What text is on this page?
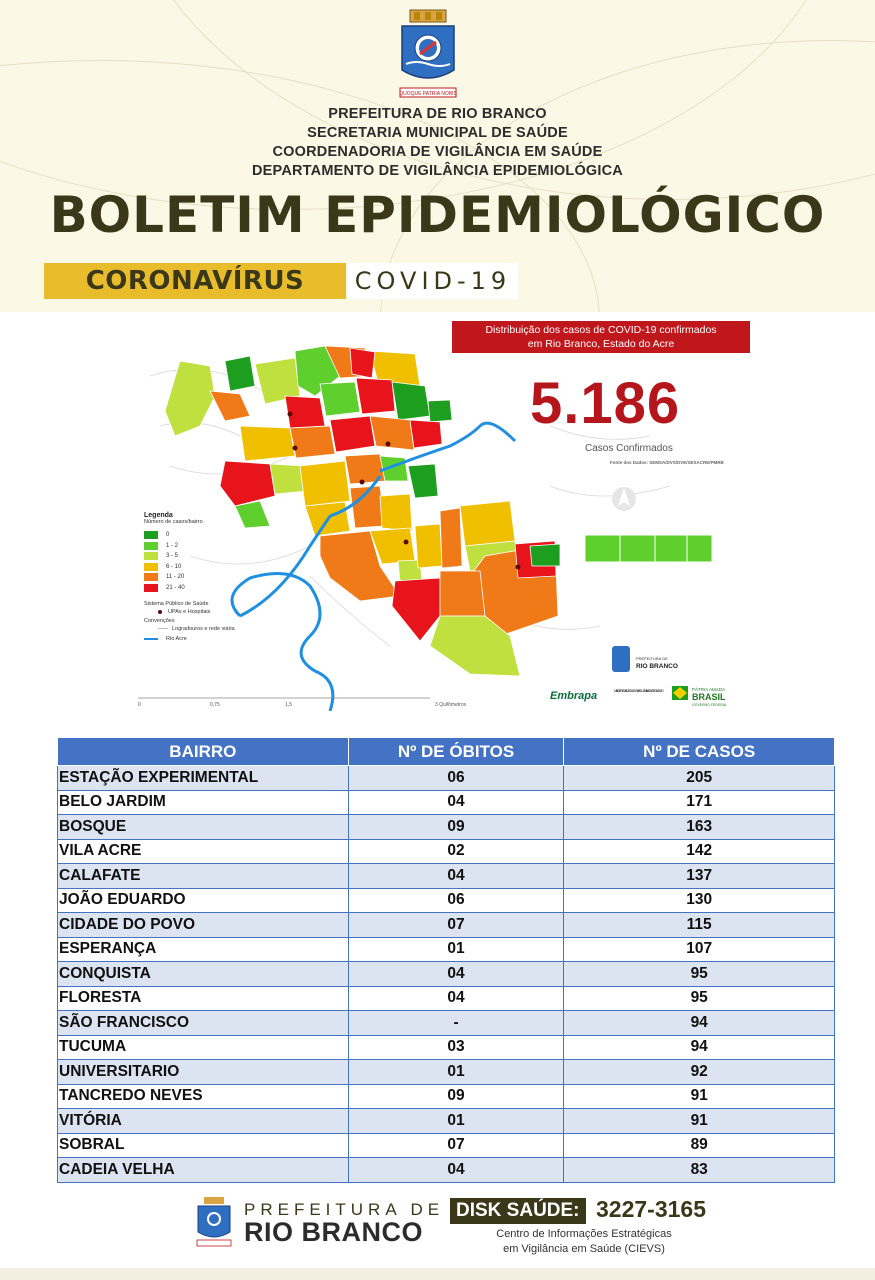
QUOQUE PATRIA NOBIS
PREFEITURA DE RIO BRANCO
SECRETARIA MUNICIPAL DE SAÚDE
COORDENADORIA DE VIGILÂNCIA EM SAÚDE
DEPARTAMENTO DE VIGILÂNCIA EPIDEMIOLÓGICA
BOLETIM EPIDEMIOLÓGICO
CORONAVÍRUS	COVID-19
0	0,75	1,5	3 Quilômetros
PREFEITURA DE
RIO BRANCO
Embrapa	MINISTÉRIO DA AGRICULTURA, PECUÁRIA E ABASTECIMENTO	PÁTRIA AMADA
BRASIL
GOVERNO FEDERAL
Distribuição dos casos de COVID-19 confirmados
em Rio Branco, Estado do Acre
5.186
Casos Confirmados
Fonte dos Dados: SEMSA/DVS/DVE/SESACRE/PMRB
Legenda
Número de casos/bairro
0
1 - 2
3 - 5
6 - 10
11 - 20
21 - 40
Sistema Público de Saúde
UPAs e Hospitais
Convenções
Logradouros e rede viária
Rio Acre
BAIRRO	Nº DE ÓBITOS	Nº DE CASOS
ESTAÇÃO EXPERIMENTAL	06	205
BELO JARDIM	04	171
BOSQUE	09	163
VILA ACRE	02	142
CALAFATE	04	137
JOÃO EDUARDO	06	130
CIDADE DO POVO	07	115
ESPERANÇA	01	107
CONQUISTA	04	95
FLORESTA	04	95
SÃO FRANCISCO	-	94
TUCUMA	03	94
UNIVERSITARIO	01	92
TANCREDO NEVES	09	91
VITÓRIA	01	91
SOBRAL	07	89
CADEIA VELHA	04	83
PREFEITURA DE
RIO BRANCO
DISK SAÚDE: 3227-3165
Centro de Informações Estratégicas
em Vigilância em Saúde (CIEVS)
